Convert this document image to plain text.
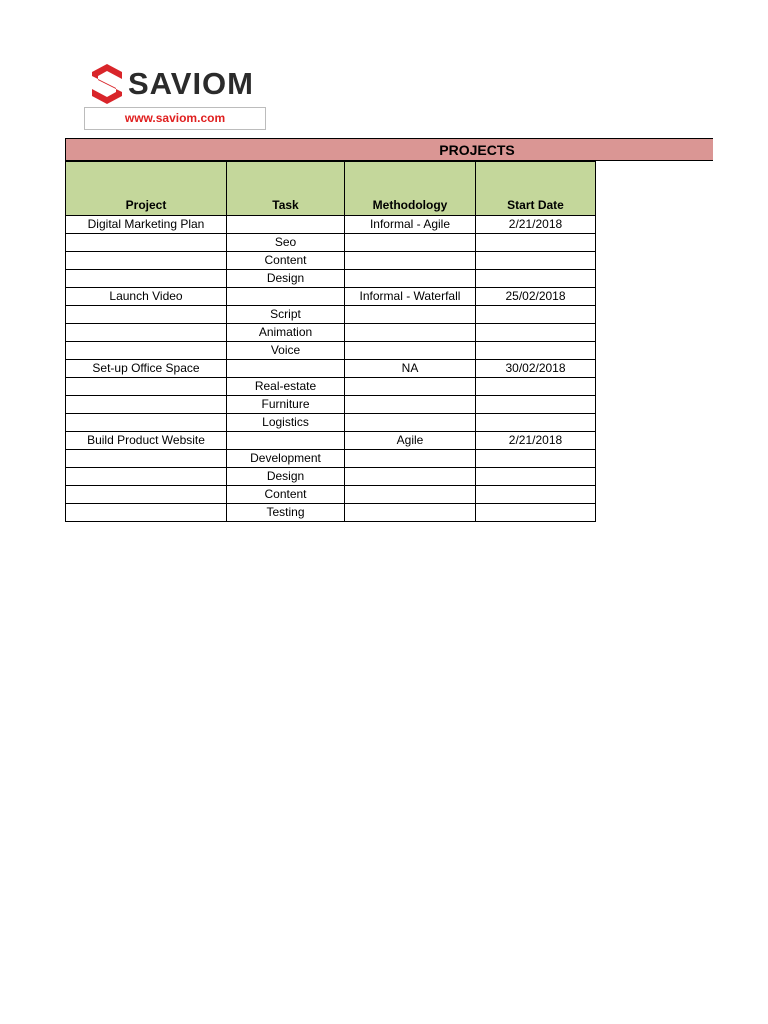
SAVIOM
www.saviom.com
PROJECTS
Project	Task	Methodology	Start Date
Digital Marketing Plan		Informal - Agile	2/21/2018
	Seo		
	Content		
	Design		
Launch Video		Informal - Waterfall	25/02/2018
	Script		
	Animation		
	Voice		
Set-up Office Space		NA	30/02/2018
	Real-estate		
	Furniture		
	Logistics		
Build Product Website		Agile	2/21/2018
	Development		
	Design		
	Content		
	Testing		
